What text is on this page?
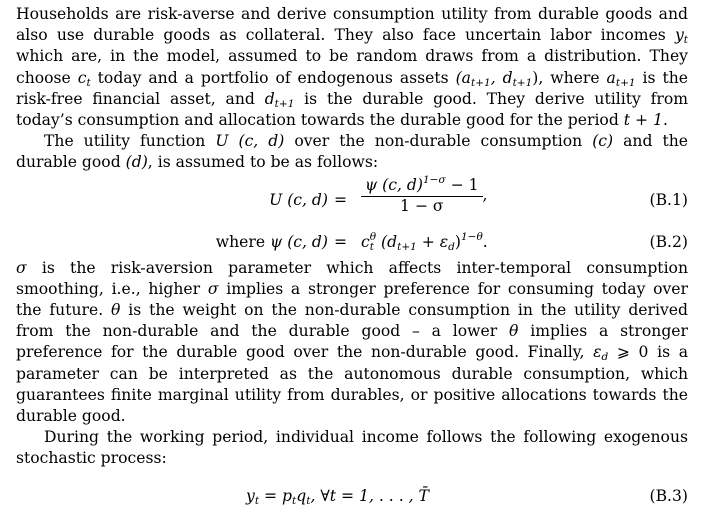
Households are risk-averse and derive consumption utility from durable goods and also use durable goods as collateral. They also face uncertain labor incomes $y_t$ which are, in the model, assumed to be random draws from a distribution. They choose $c_t$ today and a portfolio of endogenous assets ($a_{t+1}$, $d_{t+1}$), where $a_{t+1}$ is the risk-free financial asset, and $d_{t+1}$ is the durable good. They derive utility from today’s consumption and allocation towards the durable good for the period t + 1.

The utility function U (c, d) over the non-durable consumption (c) and the durable good (d), is assumed to be as follows:

U (c, $d) = \frac{\psi (c, d)^{1-\sigma} - 1}{1 - \sigma}$ ,	(B.1)
where ψ (c, d) = c θ
t $(d_{t+1} + \varepsilon_d)^{1-\theta}$.	(B.2)

σ is the risk-aversion parameter which affects inter-temporal consumption smoothing, i.e., higher σ implies a stronger preference for consuming today over the future. θ is the weight on the non-durable consumption in the utility derived from the non-durable and the durable good – a lower θ implies a stronger preference for the durable good over the non-durable good. Finally, $\varepsilon_d$ ⩾ 0 is a parameter can be interpreted as the autonomous durable consumption, which guarantees finite marginal utility from durables, or positive allocations towards the durable good.

During the working period, individual income follows the following exogenous stochastic process:

$y_t = p_tq_t$, ∀t = 1, . . . , T̄	(B.3)
